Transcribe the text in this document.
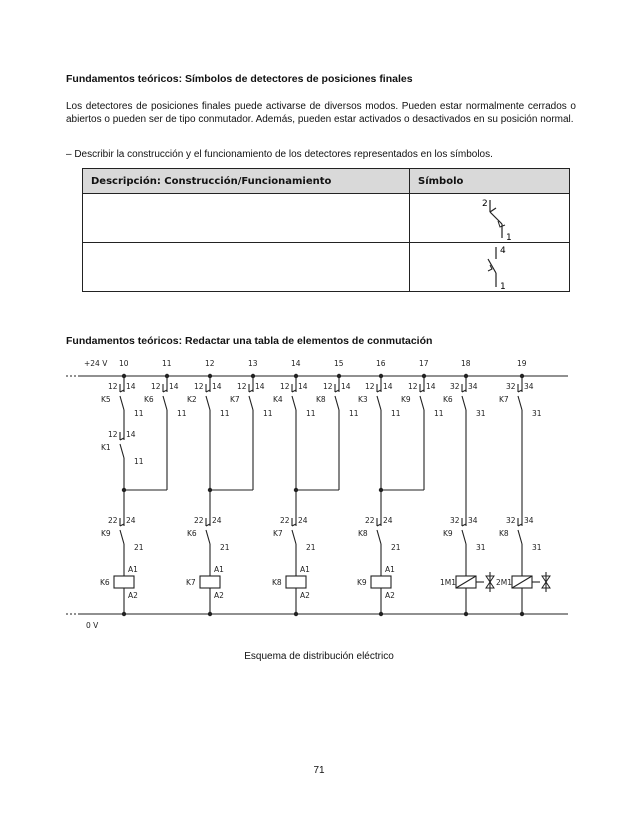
Fundamentos teóricos: Símbolos de detectores de posiciones finales
Los detectores de posiciones finales puede activarse de diversos modos. Pueden estar normalmente cerrados o abiertos o pueden ser de tipo conmutador. Además, pueden estar activados o desactivados en su posición normal.
– Describir la construcción y el funcionamiento de los detectores representados en los símbolos.
Descripción: Construcción/Funcionamiento	Símbolo

2
1

4
1
Fundamentos teóricos: Redactar una tabla de elementos de conmutación
+24 V
0 V
10	11	12	13	14	15	16	17	18	19
12 14
K5
11
12 14
K6
11
12 14
K2
11
12 14
K7
11
12 14
K4
11
12 14
K8
11
12 14
K3
11
12 14
K9
11
32 34
K6
31
32 34
K7
31
12 14
K1
11
22 24
K9
21
22 24
K6
21
22 24
K7
21
22 24
K8
21
32 34
K9
31
32 34
K8
31
A1
K6
A2
A1
K7
A2
A1
K8
A2
A1
K9
A2
1M1	2M1
Esquema de distribución eléctrico
71
